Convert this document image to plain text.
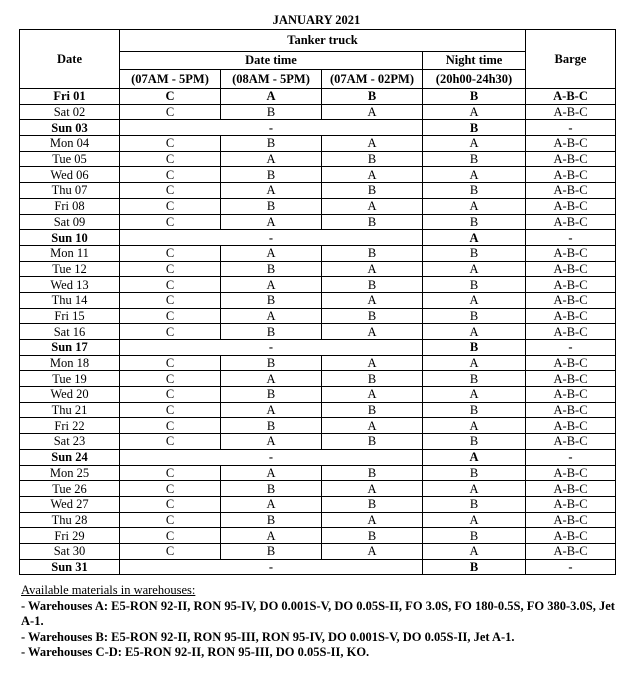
JANUARY 2021
Date	Tanker truck				Barge
	Date time			Night time	
	(07AM - 5PM)	(08AM - 5PM)	(07AM - 02PM)	(20h00-24h30)	
Fri 01	C	A	B	B	A-B-C
Sat 02	C	B	A	A	A-B-C
Sun 03	-			B	-
Mon 04	C	B	A	A	A-B-C
Tue 05	C	A	B	B	A-B-C
Wed 06	C	B	A	A	A-B-C
Thu 07	C	A	B	B	A-B-C
Fri 08	C	B	A	A	A-B-C
Sat 09	C	A	B	B	A-B-C
Sun 10	-			A	-
Mon 11	C	A	B	B	A-B-C
Tue 12	C	B	A	A	A-B-C
Wed 13	C	A	B	B	A-B-C
Thu 14	C	B	A	A	A-B-C
Fri 15	C	A	B	B	A-B-C
Sat 16	C	B	A	A	A-B-C
Sun 17	-			B	-
Mon 18	C	B	A	A	A-B-C
Tue 19	C	A	B	B	A-B-C
Wed 20	C	B	A	A	A-B-C
Thu 21	C	A	B	B	A-B-C
Fri 22	C	B	A	A	A-B-C
Sat 23	C	A	B	B	A-B-C
Sun 24	-			A	-
Mon 25	C	A	B	B	A-B-C
Tue 26	C	B	A	A	A-B-C
Wed 27	C	A	B	B	A-B-C
Thu 28	C	B	A	A	A-B-C
Fri 29	C	A	B	B	A-B-C
Sat 30	C	B	A	A	A-B-C
Sun 31	-			B	-
Available materials in warehouses:
- Warehouses A: E5-RON 92-II, RON 95-IV, DO 0.001S-V, DO 0.05S-II, FO 3.0S, FO 180-0.5S, FO 380-3.0S, Jet A-1.
- Warehouses B: E5-RON 92-II, RON 95-III, RON 95-IV, DO 0.001S-V, DO 0.05S-II, Jet A-1.
- Warehouses C-D: E5-RON 92-II, RON 95-III, DO 0.05S-II, KO.
